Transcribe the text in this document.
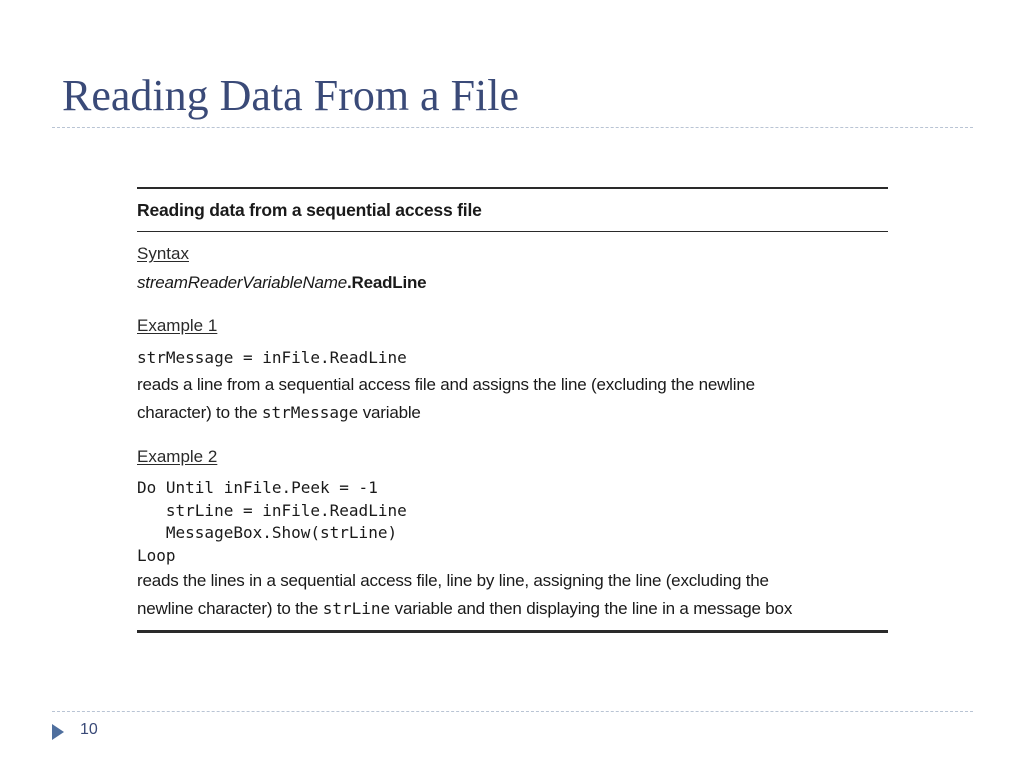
Reading Data From a File
Reading data from a sequential access file
Syntax
streamReaderVariableName.ReadLine
Example 1
strMessage = inFile.ReadLine
reads a line from a sequential access file and assigns the line (excluding the newline
character) to the strMessage variable
Example 2
Do Until inFile.Peek = -1
strLine = inFile.ReadLine
MessageBox.Show(strLine)
Loop
reads the lines in a sequential access file, line by line, assigning the line (excluding the
newline character) to the strLine variable and then displaying the line in a message box
10
